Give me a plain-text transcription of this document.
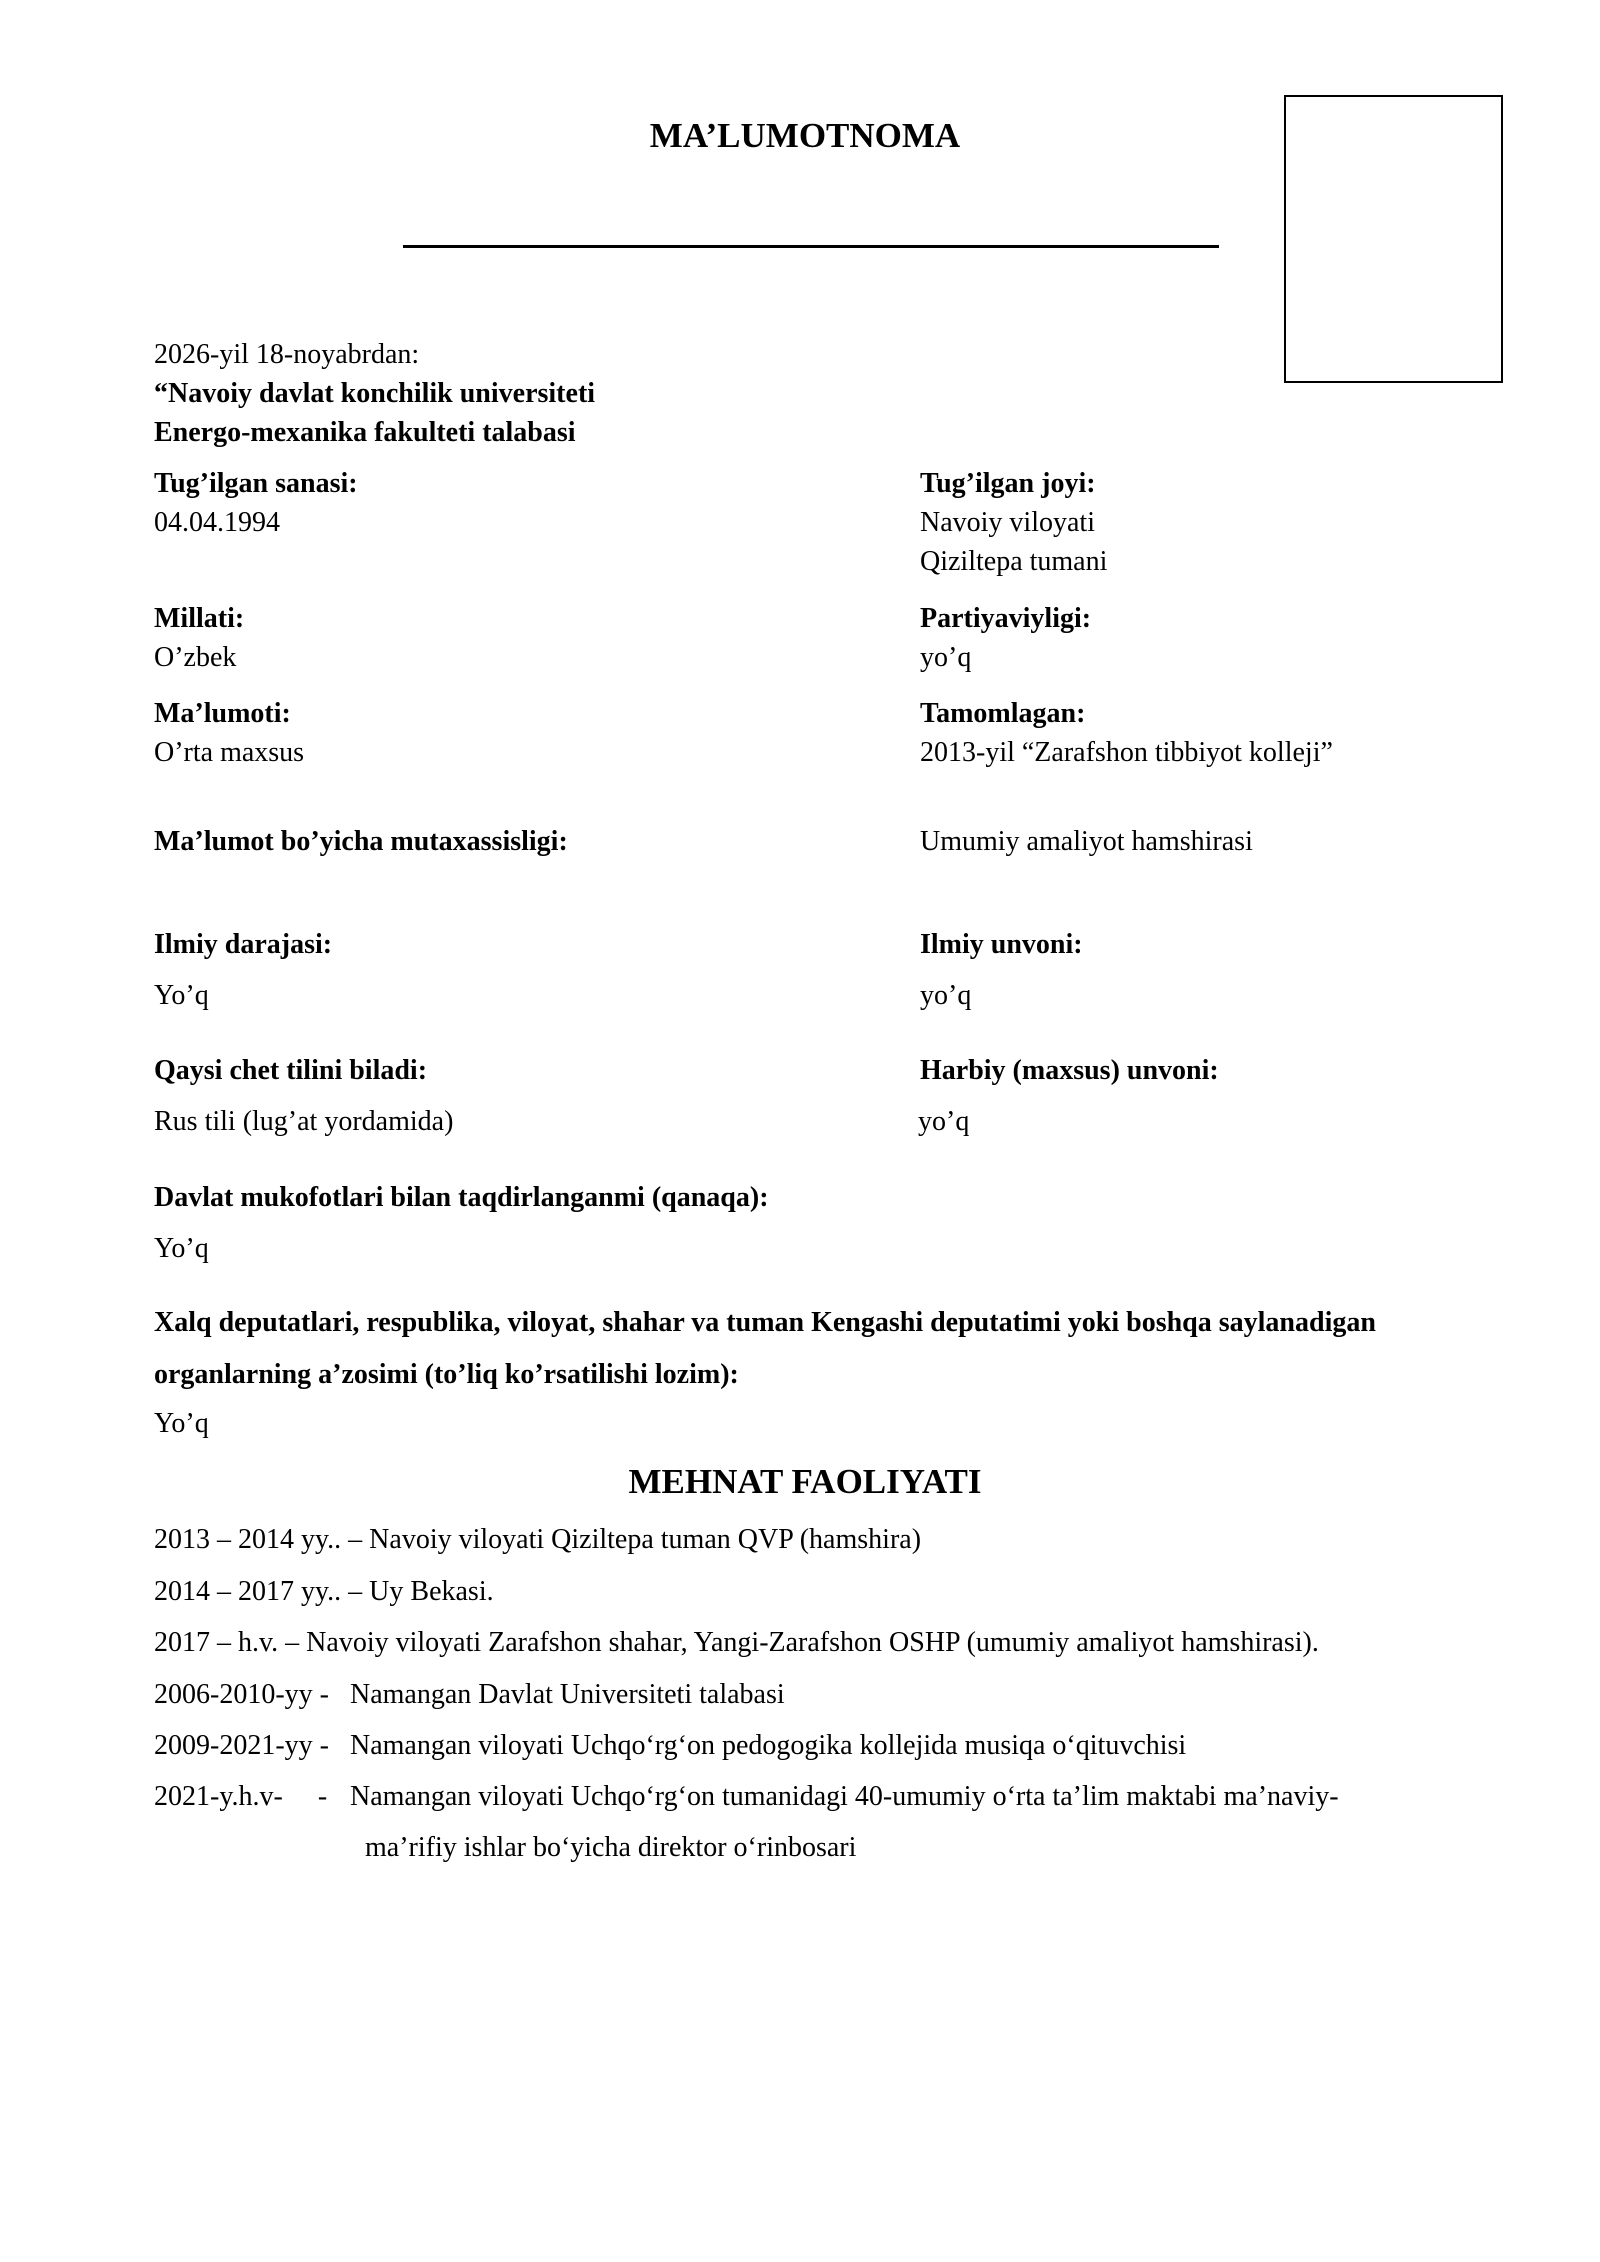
MA’LUMOTNOMA
2026-yil 18-noyabrdan:
“Navoiy davlat konchilik universiteti
Energo-mexanika fakulteti talabasi
Tug’ilgan sanasi:
04.04.1994
Tug’ilgan joyi:
Navoiy viloyati
Qiziltepa tumani
Millati:
O’zbek
Partiyaviyligi:
yo’q
Ma’lumoti:
O’rta maxsus
Tamomlagan:
2013-yil “Zarafshon tibbiyot kolleji”
Ma’lumot bo’yicha mutaxassisligi:	Umumiy amaliyot hamshirasi
Ilmiy darajasi:
Yo’q
Ilmiy unvoni:
yo’q
Qaysi chet tilini biladi:
Rus tili (lug’at yordamida)
Harbiy (maxsus) unvoni:
yo’q
Davlat mukofotlari bilan taqdirlanganmi (qanaqa):
Yo’q
Xalq deputatlari, respublika, viloyat, shahar va tuman Kengashi deputatimi yoki boshqa saylanadigan
organlarning a’zosimi (to’liq ko’rsatilishi lozim):
Yo’q
MEHNAT FAOLIYATI
2013 – 2014 yy.. – Navoiy viloyati Qiziltepa tuman QVP (hamshira)
2014 – 2017 yy.. – Uy Bekasi.
2017 – h.v. – Navoiy viloyati Zarafshon shahar, Yangi-Zarafshon OSHP (umumiy amaliyot hamshirasi).
2006-2010-yy - Namangan Davlat Universiteti talabasi
2009-2021-yy - Namangan viloyati Uchqo‘rg‘on pedogogika kollejida musiqa o‘qituvchisi
2021-y.h.v-     - Namangan viloyati Uchqo‘rg‘on tumanidagi 40-umumiy o‘rta ta’lim maktabi ma’naviy-
ma’rifiy ishlar bo‘yicha direktor o‘rinbosari
